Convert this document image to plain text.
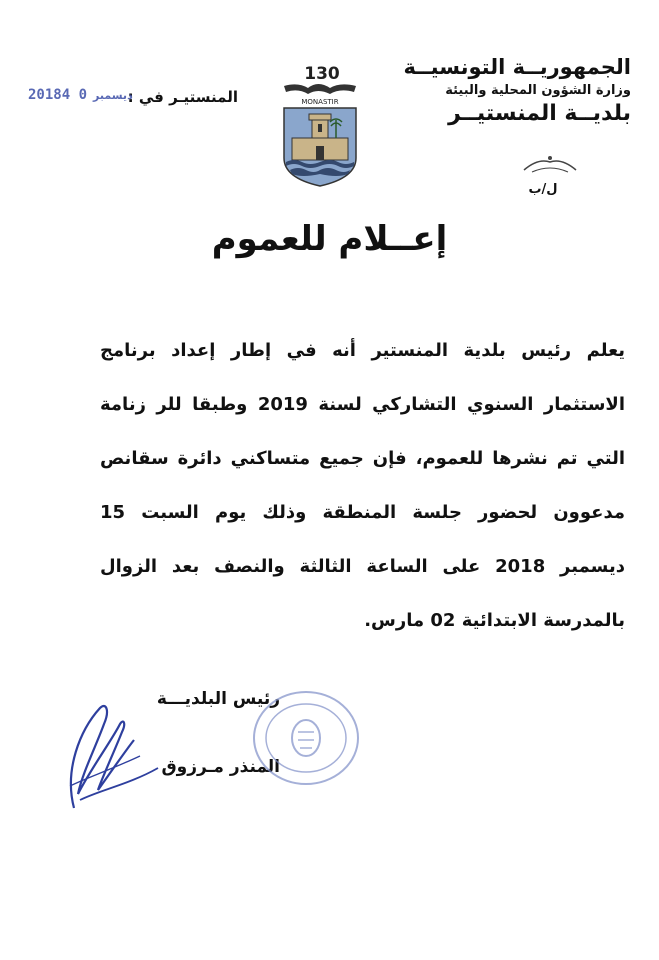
الجمهوريــة التونسيــة
وزارة الشؤون المحلية والبيئة
بلديــة المنستيــر
130
MONASTIR
المنستيـر في :
2018	ديسمبر0 4
ل/ب
إعــلام للعموم
يعلم رئيس بلدية المنستير أنه في إطار إعداد برنامج الاستثمار السنوي التشاركي لسنة 2019 وطبقا للر زنامة التي تم نشرها للعموم، فإن جميع متساكني دائرة سقانص مدعوون لحضور جلسة المنطقة وذلك يوم السبت 15 ديسمبر 2018 على الساعة الثالثة والنصف بعد الزوال بالمدرسة الابتدائية 02 مارس.
رئيس البلديـــة
المنذر مـرزوق
